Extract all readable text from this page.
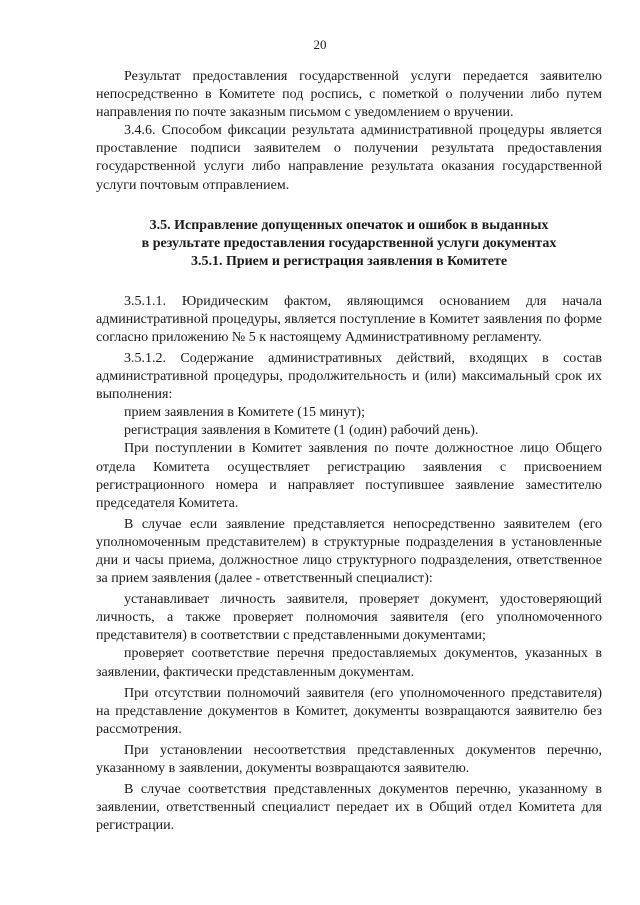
20

Результат предоставления государственной услуги передается заявителю непосредственно в Комитете под роспись, с пометкой о получении либо путем направления по почте заказным письмом с уведомлением о вручении.

3.4.6. Способом фиксации результата административной процедуры является проставление подписи заявителем о получении результата предоставления государственной услуги либо направление результата оказания государственной услуги почтовым отправлением.

3.5. Исправление допущенных опечаток и ошибок в выданных
в результате предоставления государственной услуги документах
3.5.1. Прием и регистрация заявления в Комитете

3.5.1.1. Юридическим фактом, являющимся основанием для начала административной процедуры, является поступление в Комитет заявления по форме согласно приложению № 5 к настоящему Административному регламенту.

3.5.1.2. Содержание административных действий, входящих в состав административной процедуры, продолжительность и (или) максимальный срок их выполнения:

прием заявления в Комитете (15 минут);

регистрация заявления в Комитете (1 (один) рабочий день).

При поступлении в Комитет заявления по почте должностное лицо Общего отдела Комитета осуществляет регистрацию заявления с присвоением регистрационного номера и направляет поступившее заявление заместителю председателя Комитета.

В случае если заявление представляется непосредственно заявителем (его уполномоченным представителем) в структурные подразделения в установленные дни и часы приема, должностное лицо структурного подразделения, ответственное за прием заявления (далее - ответственный специалист):

устанавливает личность заявителя, проверяет документ, удостоверяющий личность, а также проверяет полномочия заявителя (его уполномоченного представителя) в соответствии с представленными документами;

проверяет соответствие перечня предоставляемых документов, указанных в заявлении, фактически представленным документам.

При отсутствии полномочий заявителя (его уполномоченного представителя) на представление документов в Комитет, документы возвращаются заявителю без рассмотрения.

При установлении несоответствия представленных документов перечню, указанному в заявлении, документы возвращаются заявителю.

В случае соответствия представленных документов перечню, указанному в заявлении, ответственный специалист передает их в Общий отдел Комитета для регистрации.
